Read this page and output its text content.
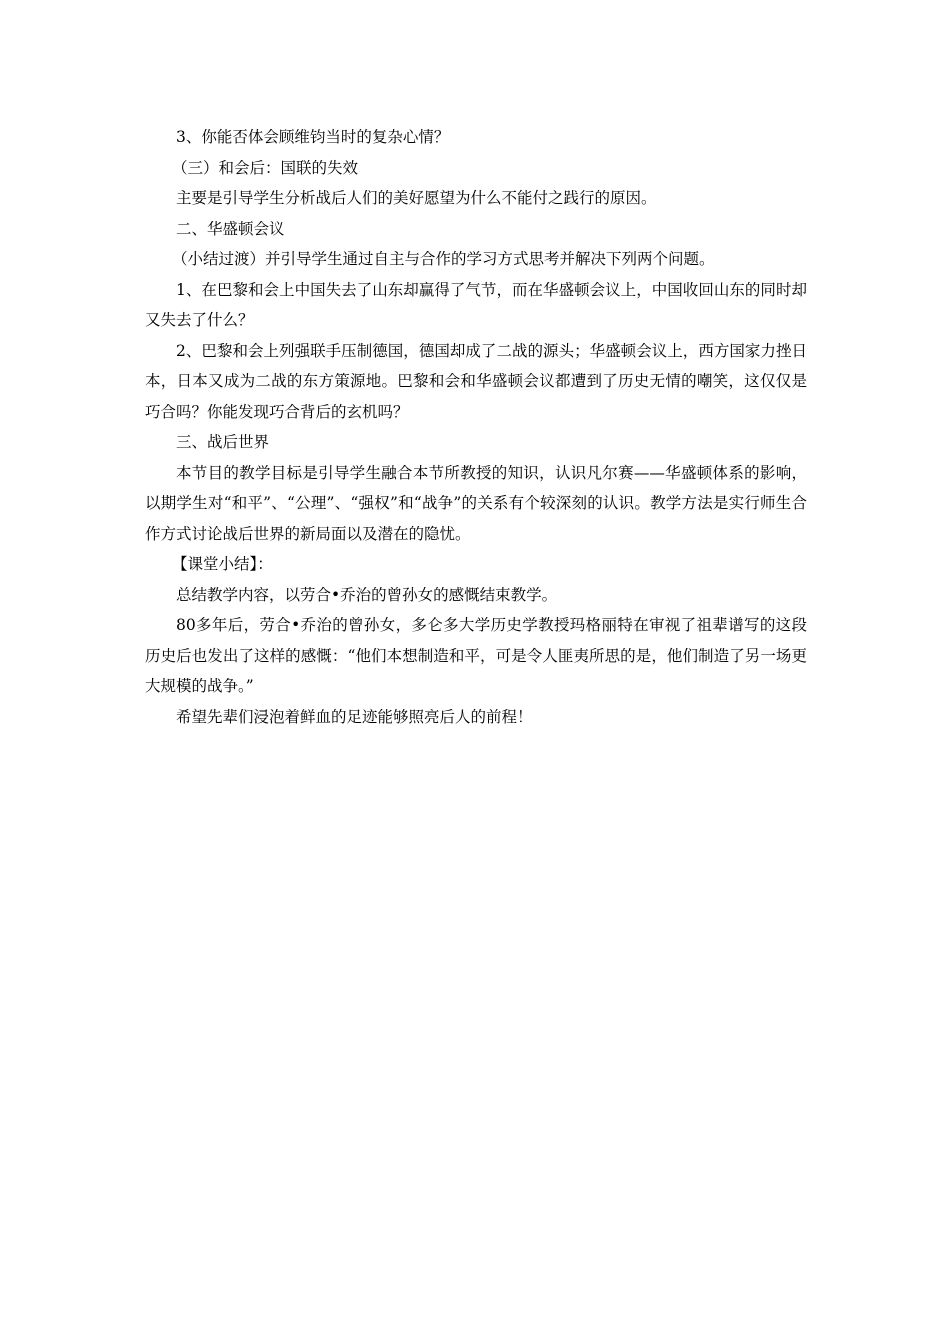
3、你能否体会顾维钧当时的复杂心情？

（三）和会后：国联的失效

主要是引导学生分析战后人们的美好愿望为什么不能付之践行的原因。

二、华盛顿会议

（小结过渡）并引导学生通过自主与合作的学习方式思考并解决下列两个问题。

1、在巴黎和会上中国失去了山东却赢得了气节，而在华盛顿会议上，中国收回山东的同时却又失去了什么？

2、巴黎和会上列强联手压制德国，德国却成了二战的源头；华盛顿会议上，西方国家力挫日本，日本又成为二战的东方策源地。巴黎和会和华盛顿会议都遭到了历史无情的嘲笑，这仅仅是巧合吗？你能发现巧合背后的玄机吗？

三、战后世界

本节目的教学目标是引导学生融合本节所教授的知识，认识凡尔赛——华盛顿体系的影响，以期学生对“和平”、“公理”、“强权”和“战争”的关系有个较深刻的认识。教学方法是实行师生合作方式讨论战后世界的新局面以及潜在的隐忧。

【课堂小结】：

总结教学内容，以劳合•乔治的曾孙女的感慨结束教学。

80多年后，劳合•乔治的曾孙女，多仑多大学历史学教授玛格丽特在审视了祖辈谱写的这段历史后也发出了这样的感慨：“他们本想制造和平，可是令人匪夷所思的是，他们制造了另一场更大规模的战争。”

希望先辈们浸泡着鲜血的足迹能够照亮后人的前程！
